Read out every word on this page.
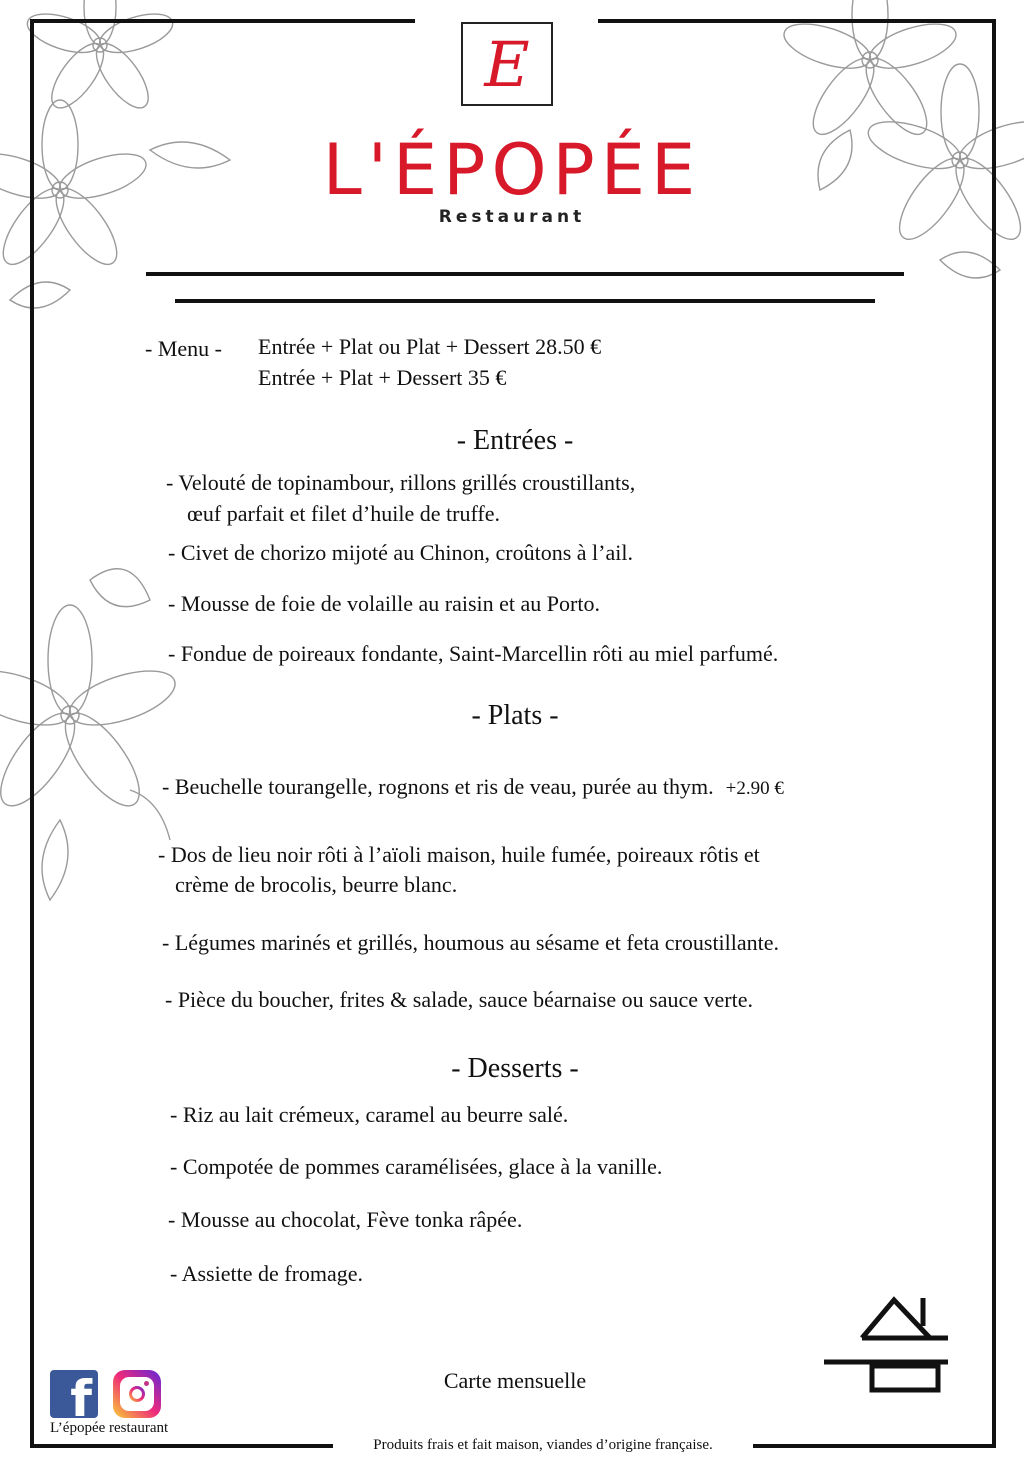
E
L'ÉPOPÉE
Restaurant
- Menu - Entrée + Plat ou Plat + Dessert 28.50 €
Entrée + Plat + Dessert 35 €
- Entrées -
- Velouté de topinambour, rillons grillés croustillants,
œuf parfait et filet d’huile de truffe.
- Civet de chorizo mijoté au Chinon, croûtons à l’ail.
- Mousse de foie de volaille au raisin et au Porto.
- Fondue de poireaux fondante, Saint-Marcellin rôti au miel parfumé.
- Plats -
- Beuchelle tourangelle, rognons et ris de veau, purée au thym. +2.90 €
- Dos de lieu noir rôti à l’aïoli maison, huile fumée, poireaux rôtis et
crème de brocolis, beurre blanc.
- Légumes marinés et grillés, houmous au sésame et feta croustillante.
- Pièce du boucher, frites & salade, sauce béarnaise ou sauce verte.
- Desserts -
- Riz au lait crémeux, caramel au beurre salé.
- Compotée de pommes caramélisées, glace à la vanille.
- Mousse au chocolat, Fève tonka râpée.
- Assiette de fromage.
Carte mensuelle
f
L’épopée restaurant
Produits frais et fait maison, viandes d’origine française.
